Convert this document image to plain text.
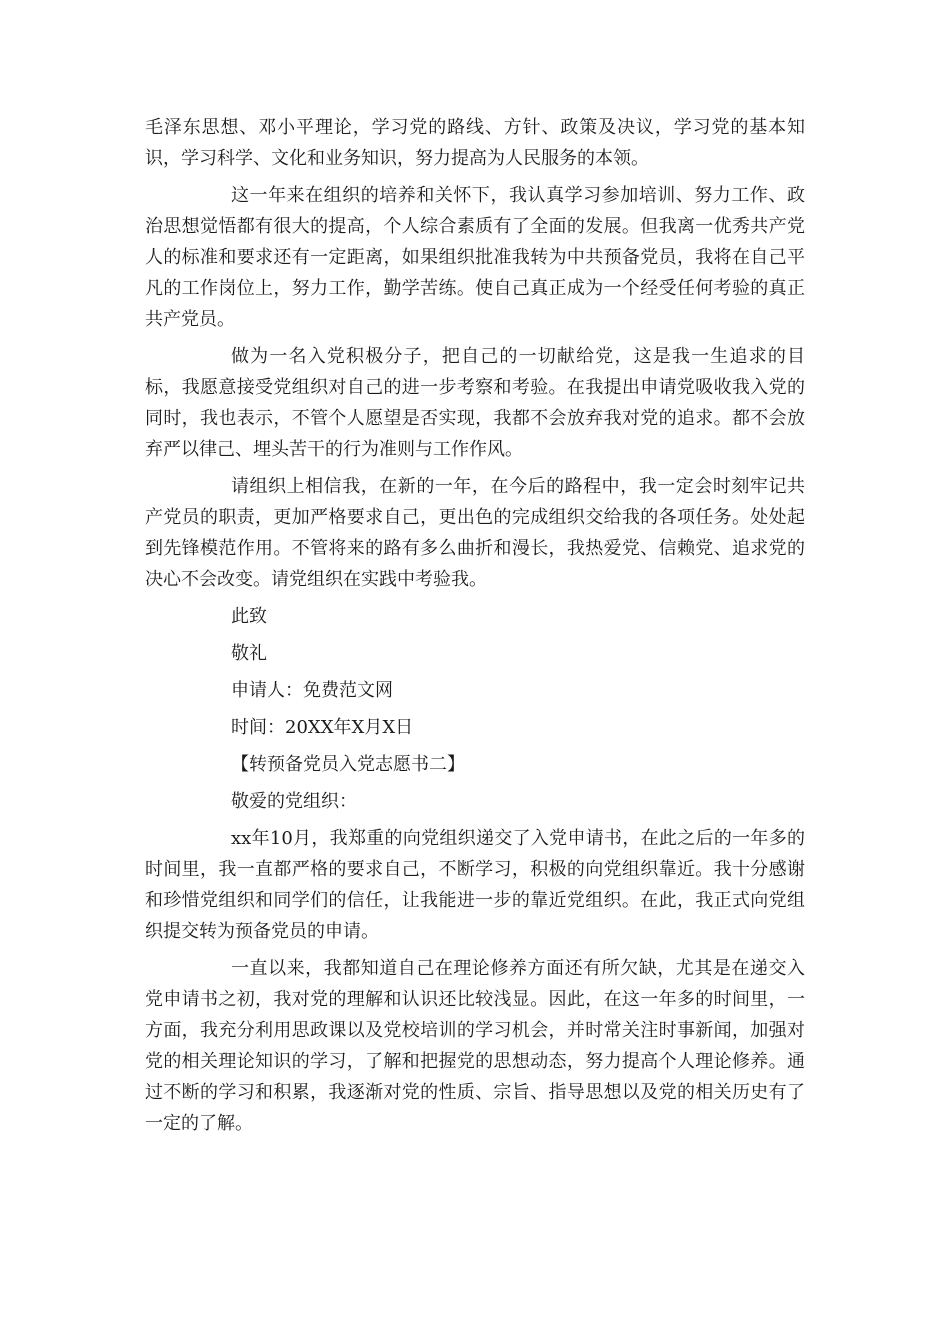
毛泽东思想、邓小平理论，学习党的路线、方针、政策及决议，学习党的基本知识，学习科学、文化和业务知识，努力提高为人民服务的本领。

这一年来在组织的培养和关怀下，我认真学习参加培训、努力工作、政治思想觉悟都有很大的提高，个人综合素质有了全面的发展。但我离一优秀共产党人的标准和要求还有一定距离，如果组织批准我转为中共预备党员，我将在自己平凡的工作岗位上，努力工作，勤学苦练。使自己真正成为一个经受任何考验的真正共产党员。

做为一名入党积极分子，把自己的一切献给党，这是我一生追求的目标，我愿意接受党组织对自己的进一步考察和考验。在我提出申请党吸收我入党的同时，我也表示，不管个人愿望是否实现，我都不会放弃我对党的追求。都不会放弃严以律己、埋头苦干的行为准则与工作作风。

请组织上相信我，在新的一年，在今后的路程中，我一定会时刻牢记共产党员的职责，更加严格要求自己，更出色的完成组织交给我的各项任务。处处起到先锋模范作用。不管将来的路有多么曲折和漫长，我热爱党、信赖党、追求党的决心不会改变。请党组织在实践中考验我。

此致
敬礼
申请人：免费范文网
时间：20XX年X月X日
【转预备党员入党志愿书二】
敬爱的党组织：

xx年10月，我郑重的向党组织递交了入党申请书，在此之后的一年多的时间里，我一直都严格的要求自己，不断学习，积极的向党组织靠近。我十分感谢和珍惜党组织和同学们的信任，让我能进一步的靠近党组织。在此，我正式向党组织提交转为预备党员的申请。

一直以来，我都知道自己在理论修养方面还有所欠缺，尤其是在递交入党申请书之初，我对党的理解和认识还比较浅显。因此，在这一年多的时间里，一方面，我充分利用思政课以及党校培训的学习机会，并时常关注时事新闻，加强对党的相关理论知识的学习，了解和把握党的思想动态，努力提高个人理论修养。通过不断的学习和积累，我逐渐对党的性质、宗旨、指导思想以及党的相关历史有了一定的了解。
